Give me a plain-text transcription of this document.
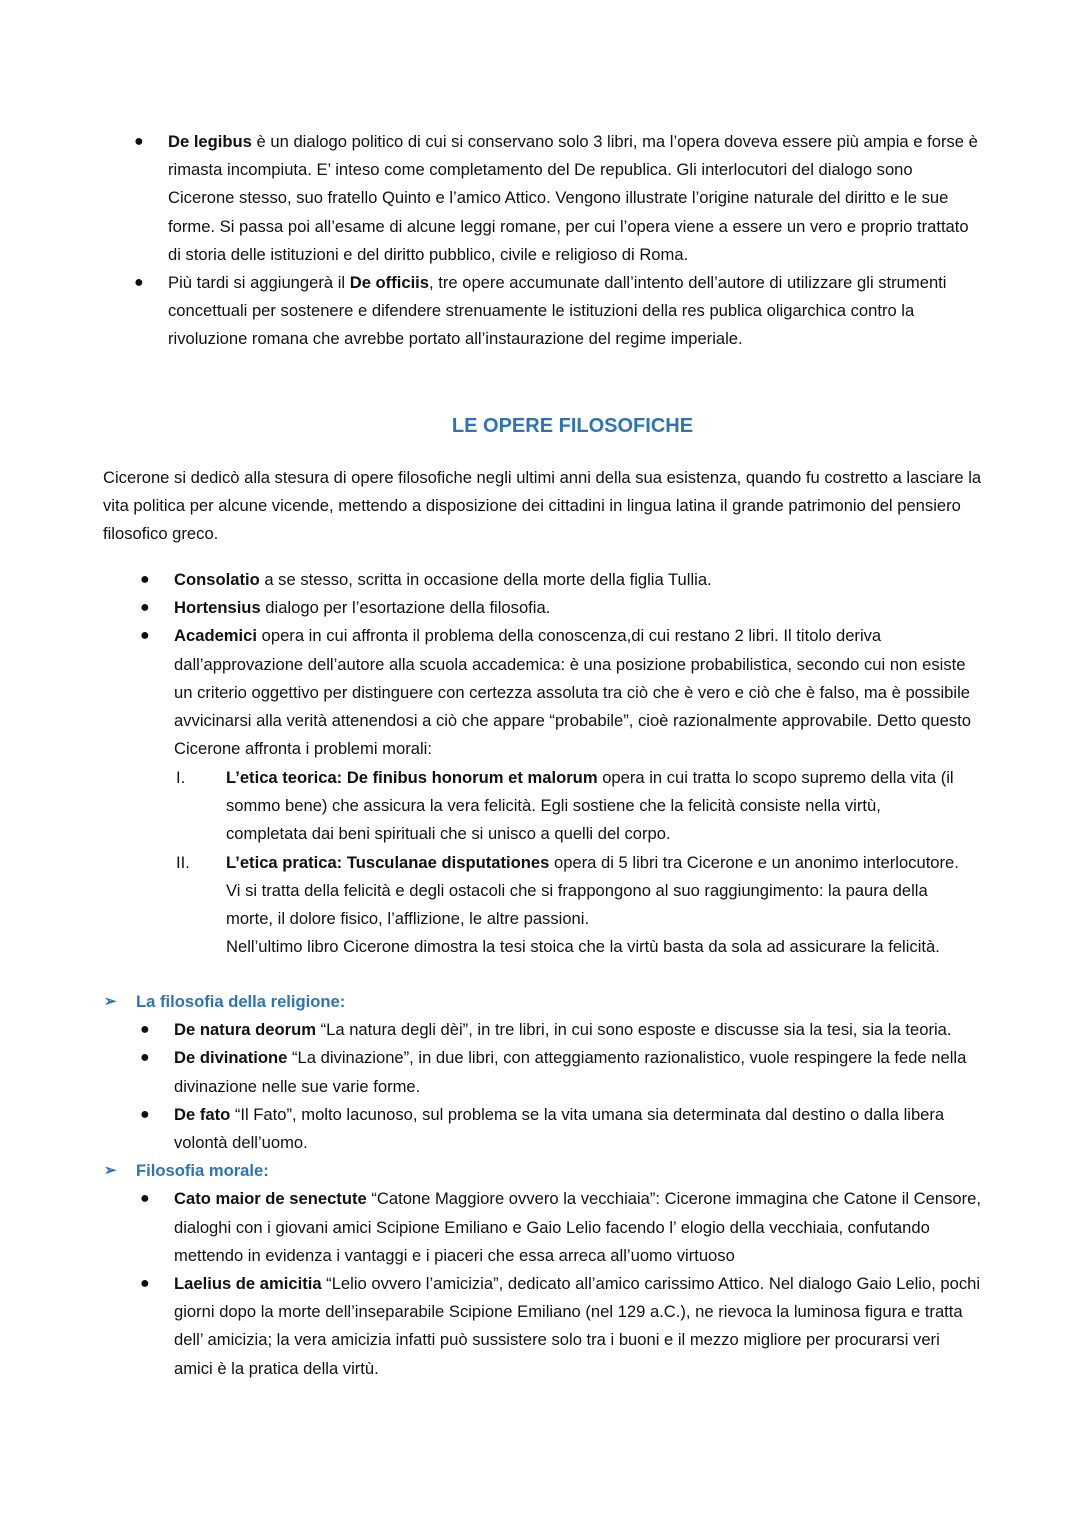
● De legibus è un dialogo politico di cui si conservano solo 3 libri, ma l’opera doveva essere più ampia e forse è rimasta incompiuta. E’ inteso come completamento del De republica. Gli interlocutori del dialogo sono Cicerone stesso, suo fratello Quinto e l’amico Attico. Vengono illustrate l’origine naturale del diritto e le sue forme. Si passa poi all’esame di alcune leggi romane, per cui l’opera viene a essere un vero e proprio trattato di storia delle istituzioni e del diritto pubblico, civile e religioso di Roma.
● Più tardi si aggiungerà il De officiis, tre opere accumunate dall’intento dell’autore di utilizzare gli strumenti concettuali per sostenere e difendere strenuamente le istituzioni della res publica oligarchica contro la rivoluzione romana che avrebbe portato all’instaurazione del regime imperiale.
LE OPERE FILOSOFICHE

Cicerone si dedicò alla stesura di opere filosofiche negli ultimi anni della sua esistenza, quando fu costretto a lasciare la vita politica per alcune vicende, mettendo a disposizione dei cittadini in lingua latina il grande patrimonio del pensiero filosofico greco.

● Consolatio a se stesso, scritta in occasione della morte della figlia Tullia.
● Hortensius dialogo per l’esortazione della filosofia.
● Academici opera in cui affronta il problema della conoscenza,di cui restano 2 libri. Il titolo deriva dall’approvazione dell’autore alla scuola accademica: è una posizione probabilistica, secondo cui non esiste un criterio oggettivo per distinguere con certezza assoluta tra ciò che è vero e ciò che è falso, ma è possibile avvicinarsi alla verità attenendosi a ciò che appare “probabile”, cioè razionalmente approvabile. Detto questo Cicerone affronta i problemi morali:
I. L’etica teorica: De finibus honorum et malorum opera in cui tratta lo scopo supremo della vita (il sommo bene) che assicura la vera felicità. Egli sostiene che la felicità consiste nella virtù, completata dai beni spirituali che si unisco a quelli del corpo.
II. L’etica pratica: Tusculanae disputationes opera di 5 libri tra Cicerone e un anonimo interlocutore. Vi si tratta della felicità e degli ostacoli che si frappongono al suo raggiungimento: la paura della morte, il dolore fisico, l’afflizione, le altre passioni.
Nell’ultimo libro Cicerone dimostra la tesi stoica che la virtù basta da sola ad assicurare la felicità.
➢ La filosofia della religione:
● De natura deorum “La natura degli dèi”, in tre libri, in cui sono esposte e discusse sia la tesi, sia la teoria.
● De divinatione “La divinazione”, in due libri, con atteggiamento razionalistico, vuole respingere la fede nella divinazione nelle sue varie forme.
● De fato “Il Fato”, molto lacunoso, sul problema se la vita umana sia determinata dal destino o dalla libera volontà dell’uomo.
➢ Filosofia morale:
● Cato maior de senectute “Catone Maggiore ovvero la vecchiaia”: Cicerone immagina che Catone il Censore, dialoghi con i giovani amici Scipione Emiliano e Gaio Lelio facendo l’ elogio della vecchiaia, confutando mettendo in evidenza i vantaggi e i piaceri che essa arreca all’uomo virtuoso
● Laelius de amicitia “Lelio ovvero l’amicizia”, dedicato all’amico carissimo Attico. Nel dialogo Gaio Lelio, pochi giorni dopo la morte dell’inseparabile Scipione Emiliano (nel 129 a.C.), ne rievoca la luminosa figura e tratta dell’ amicizia; la vera amicizia infatti può sussistere solo tra i buoni e il mezzo migliore per procurarsi veri amici è la pratica della virtù.
